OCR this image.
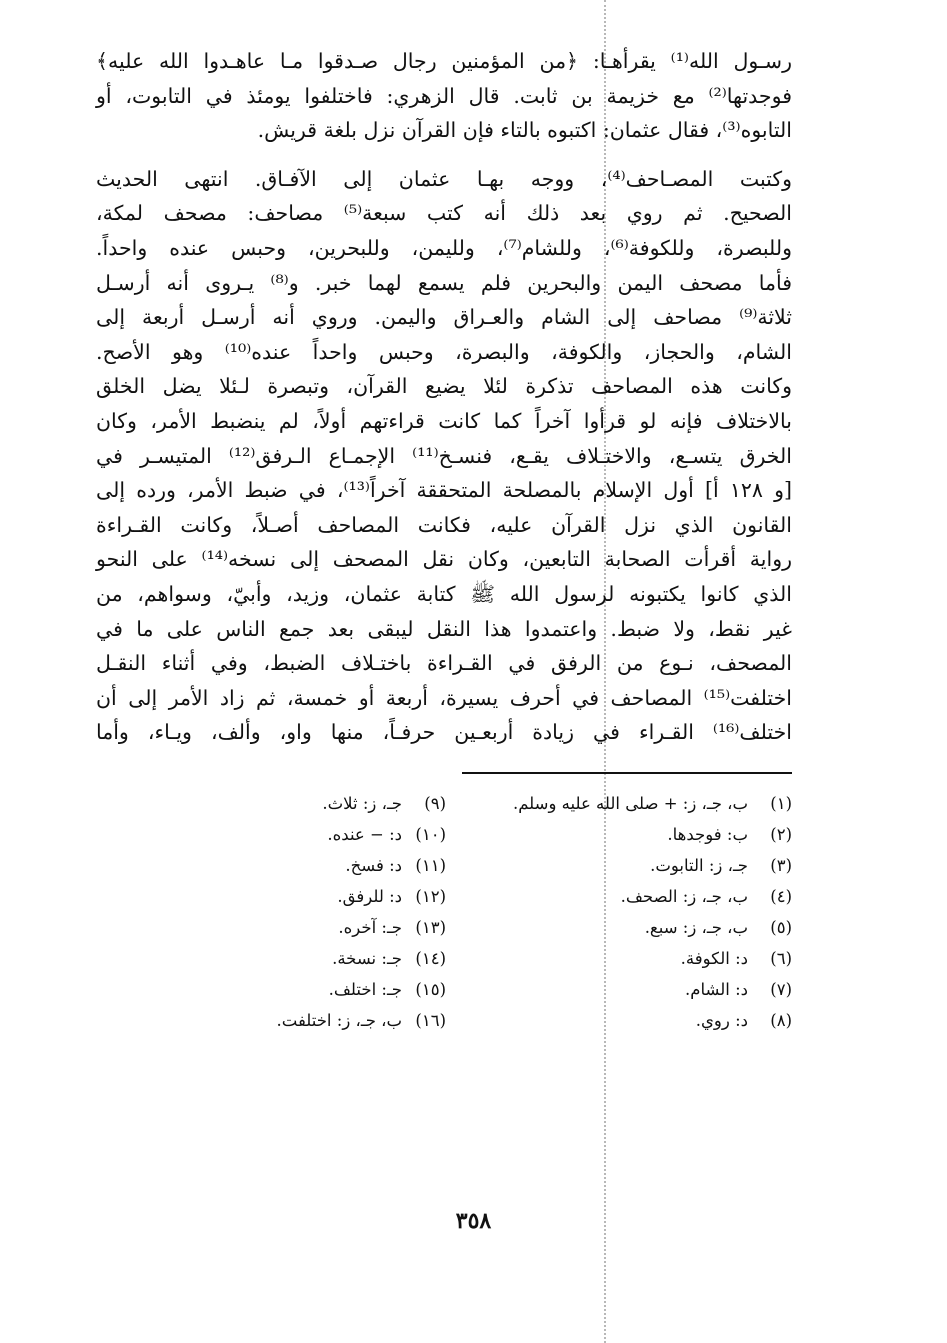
رسـول الله⁽¹⁾ يقرأهـا: ﴿من المؤمنين رجال صـدقوا مـا عاهـدوا الله عليه﴾

فوجدتها⁽²⁾ مع خزيمة بن ثابت. قال الزهري: فاختلفوا يومئذ في التابوت، أو

التابوه⁽³⁾، فقال عثمان: اكتبوه بالتاء فإن القرآن نزل بلغة قريش.

وكتبت المصـاحف⁽⁴⁾، ووجه بهـا عثمان إلى الآفـاق. انتهى الحديث

الصحيح. ثم روي بعد ذلك أنه كتب سبعة⁽⁵⁾ مصاحف: مصحف لمكة،

وللبصرة، وللكوفة⁽⁶⁾، وللشام⁽⁷⁾، ولليمن، وللبحرين، وحبس عنده واحداً.

فأما مصحف اليمن والبحرين فلم يسمع لهما خبر. و⁽⁸⁾ يـروى أنه أرسـل

ثلاثة⁽⁹⁾ مصاحف إلى الشام والعـراق واليمن. وروي أنه أرسـل أربعة إلى

الشام، والحجاز، والكوفة، والبصرة، وحبس واحداً عنده⁽¹⁰⁾ وهو الأصح.

وكانت هذه المصاحف تذكرة لئلا يضيع القرآن، وتبصرة لـئلا يضل الخلق

بالاختلاف فإنه لو قرأوا آخراً كما كانت قراءتهم أولاً، لم ينضبط الأمر، وكان

الخرق يتسـع، والاختـلاف يقـع، فنسـخ⁽¹¹⁾ الإجمـاع الـرفق⁽¹²⁾ المتيسـر في

[و ١٢٨ أ] أول الإسلام بالمصلحة المتحققة آخراً⁽¹³⁾، في ضبط الأمر، ورده إلى

القانون الذي نزل القرآن عليه، فكانت المصاحف أصـلاً، وكانت القـراءة

رواية أقرأت الصحابة التابعين، وكان نقل المصحف إلى نسخه⁽¹⁴⁾ على النحو

الذي كانوا يكتبونه لرسول الله ﷺ كتابة عثمان، وزيد، وأبيّ، وسواهم، من

غير نقط، ولا ضبط. واعتمدوا هذا النقل ليبقى بعد جمع الناس على ما في

المصحف، نـوع من الرفق في القـراءة باختـلاف الضبط، وفي أثناء النقـل

اختلفت⁽¹⁵⁾ المصاحف في أحرف يسيرة، أربعة أو خمسة، ثم زاد الأمر إلى أن

اختلف⁽¹⁶⁾ القـراء في زيادة أربعـين حرفـاً، منها واو، وألف، ويـاء، وأما

(١)ب، جـ، ز: + صلى الله عليه وسلم.
(٢)ب: فوجدها.
(٣)جـ، ز: التابوت.
(٤)ب، جـ، ز: الصحف.
(٥)ب، جـ، ز: سبع.
(٦)د: الكوفة.
(٧)د: الشام.
(٨)د: روي.
(٩)جـ، ز: ثلاث.
(١٠)د: − عنده.
(١١)د: فسخ.
(١٢)د: للرفق.
(١٣)جـ: آخره.
(١٤)جـ: نسخة.
(١٥)جـ: اختلف.
(١٦)ب، جـ، ز: اختلفت.
٣٥٨
